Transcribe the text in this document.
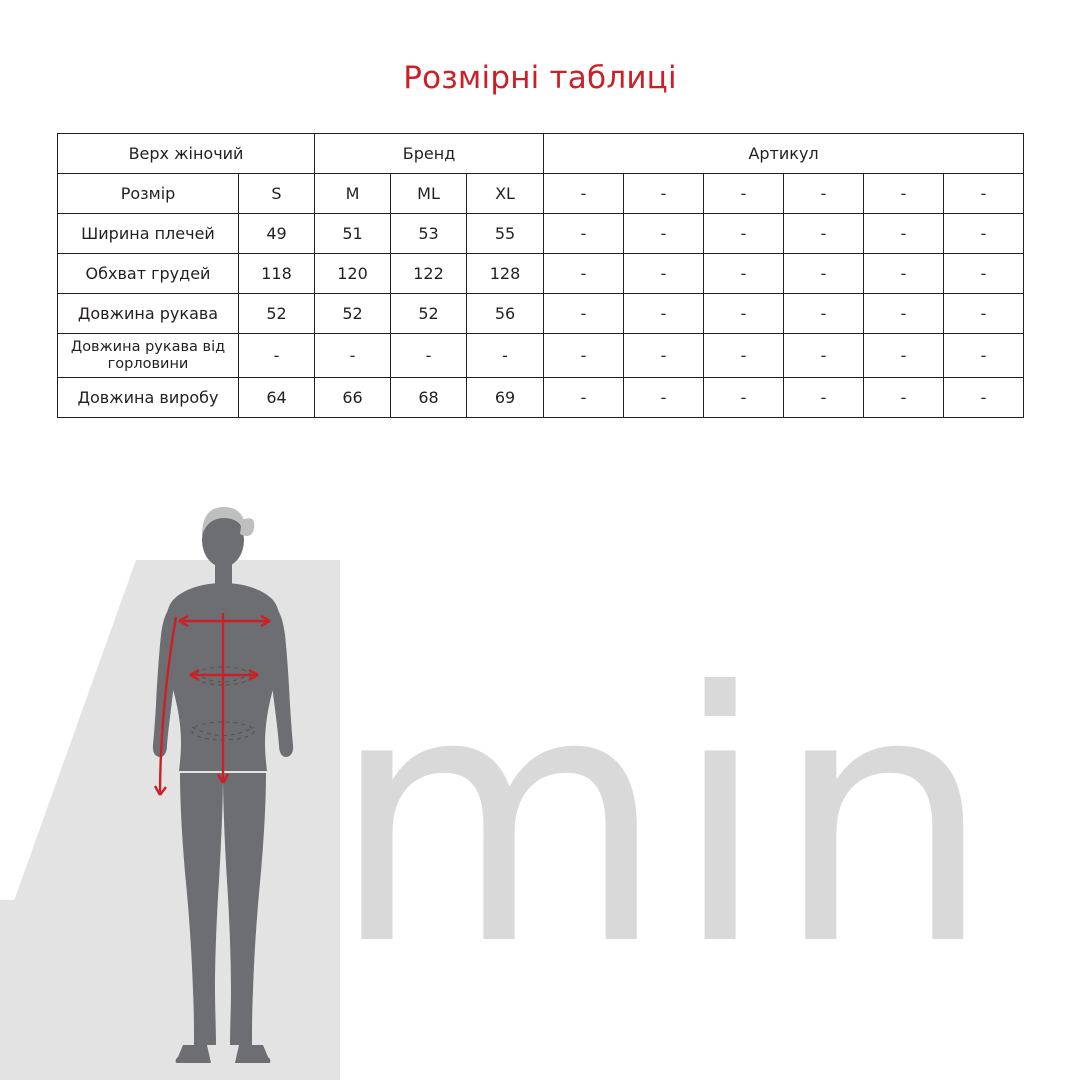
Розмірні таблиці
Верх жіночий		Бренд			Артикул					
Розмір	S	M	ML	XL	-	-	-	-	-	-
Ширина плечей	49	51	53	55	-	-	-	-	-	-
Обхват грудей	118	120	122	128	-	-	-	-	-	-
Довжина рукава	52	52	52	56	-	-	-	-	-	-
Довжина рукава від горловини	-	-	-	-	-	-	-	-	-	-
Довжина виробу	64	66	68	69	-	-	-	-	-	-
min
